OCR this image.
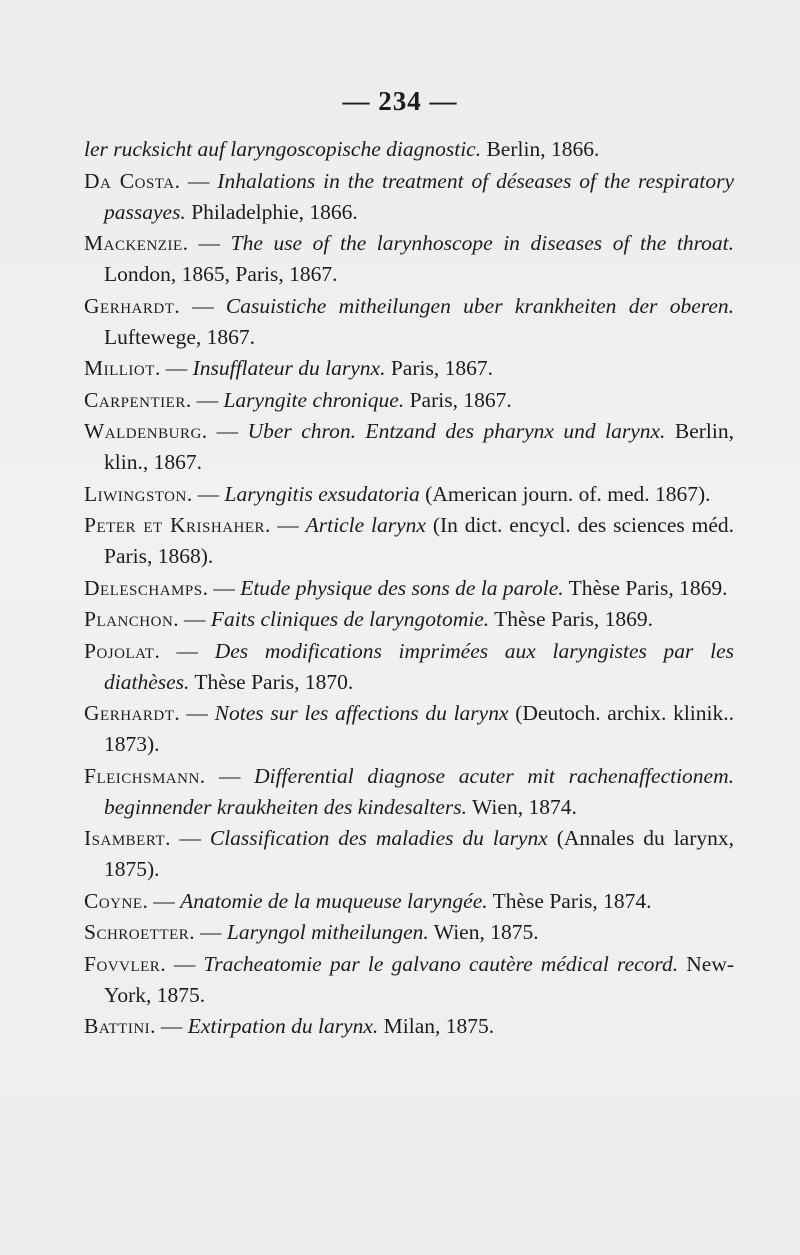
— 234 —
ler rucksicht auf laryngoscopische diagnostic. Berlin, 1866.
Da Costa. — Inhalations in the treatment of déseases of the respiratory passayes. Philadelphie, 1866.
Mackenzie. — The use of the larynhoscope in diseases of the throat. London, 1865, Paris, 1867.
Gerhardt. — Casuistiche mitheilungen uber krankheiten der oberen. Luftewege, 1867.
Milliot. — Insufflateur du larynx. Paris, 1867.
Carpentier. — Laryngite chronique. Paris, 1867.
Waldenburg. — Uber chron. Entzand des pharynx und larynx. Berlin, klin., 1867.
Liwingston. — Laryngitis exsudatoria (American journ. of. med. 1867).
Peter et Krishaher. — Article larynx (In dict. encycl. des sciences méd. Paris, 1868).
Deleschamps. — Etude physique des sons de la parole. Thèse Paris, 1869.
Planchon. — Faits cliniques de laryngotomie. Thèse Paris, 1869.
Pojolat. — Des modifications imprimées aux laryngistes par les diathèses. Thèse Paris, 1870.
Gerhardt. — Notes sur les affections du larynx (Deutoch. archix. klinik.. 1873).
Fleichsmann. — Differential diagnose acuter mit rachenaffectionem. beginnender kraukheiten des kindesalters. Wien, 1874.
Isambert. — Classification des maladies du larynx (Annales du larynx, 1875).
Coyne. — Anatomie de la muqueuse laryngée. Thèse Paris, 1874.
Schroetter. — Laryngol mitheilungen. Wien, 1875.
Fovvler. — Tracheatomie par le galvano cautère médical record. New-York, 1875.
Battini. — Extirpation du larynx. Milan, 1875.
